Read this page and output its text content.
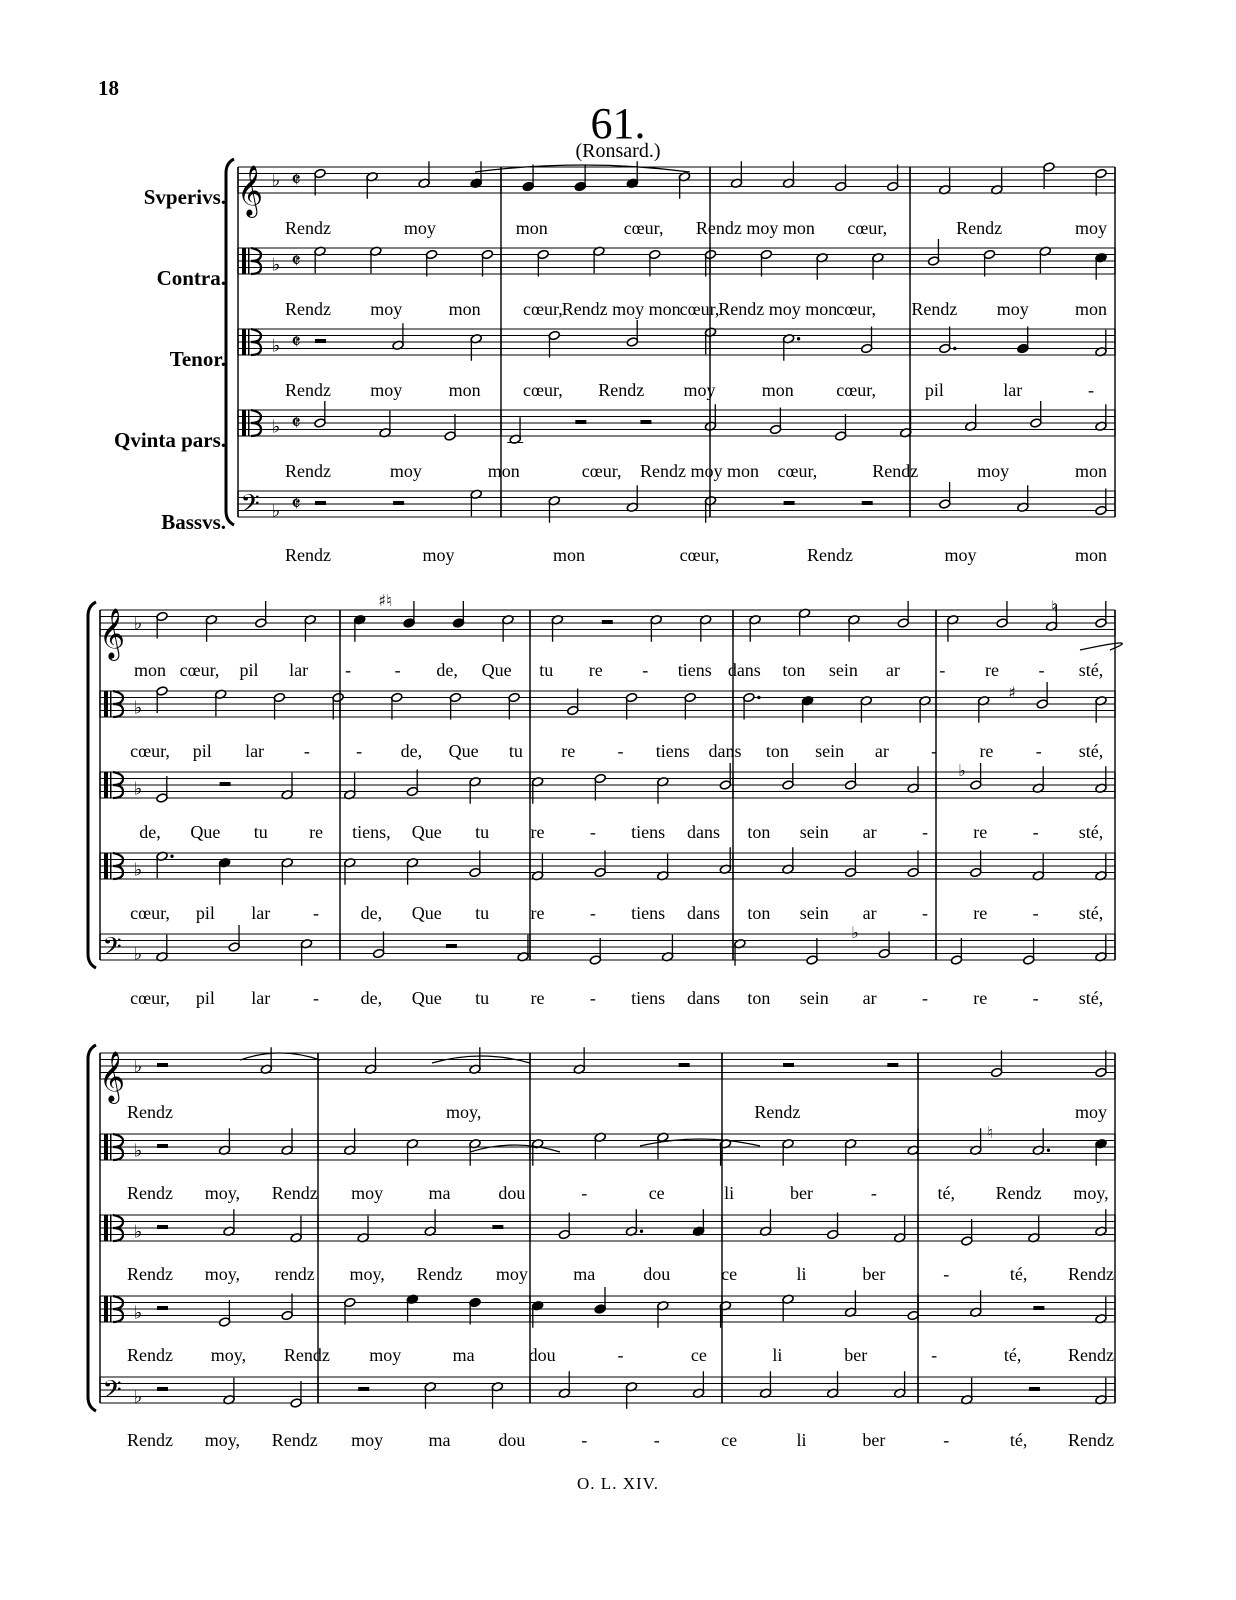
18
61.
(Ronsard.)
Svperivs.
Contra.
Tenor.
Qvinta pars.
Bassvs.
𝄞 ♭ 𝄵
Rendz	moy	mon	cœur, Rendz moy mon cœur,	Rendz	moy
♭ 𝄵
Rendz moy	mon cœur,
Rendz moy mon
cœur,
Rendz moy mon
cœur, Rendz moy	mon
♭ 𝄵
Rendz moy	mon cœur, Rendz moy	mon cœur,	pil	lar	-
♭ 𝄵
Rendz	moy	mon	cœur, Rendz moy mon cœur,	Rendz	moy	mon
𝄢 ♭ 𝄵
Rendz	moy	mon	cœur,	Rendz	moy	mon
𝄞 ♭
mon cœur, pil lar - - de, Que tu re - tiens dans ton sein ar - re - sté,
♭
cœur, pil lar -	- de, Que tu re - tiens dans ton sein ar - re - sté,
♭
de, Que tu re tiens, Que tu re	- tiens dans ton sein ar	-	re	- sté,
♭
cœur, pil lar - de, Que tu re	- tiens dans ton sein ar	-	re	- sté,
𝄢 ♭
cœur, pil lar - de, Que tu re	- tiens dans ton sein ar	-	re	- sté,
𝄞 ♭
Rendz	moy,	Rendz	moy
♭
Rendz moy, Rendz moy	ma	dou	-	ce	li	ber	-	té, Rendz moy,
♭
Rendz moy, rendz moy, Rendz moy	ma	dou	ce	li	ber	-	té, Rendz
♭
Rendz moy, Rendz moy	ma	dou	-	ce	li	ber	-	té,	Rendz
𝄢 ♭
Rendz moy, Rendz moy	ma	dou	-	-	ce	li	ber	-	té, Rendz
♯♮	♮
♯
♭
♭
♮
O. L. XIV.
